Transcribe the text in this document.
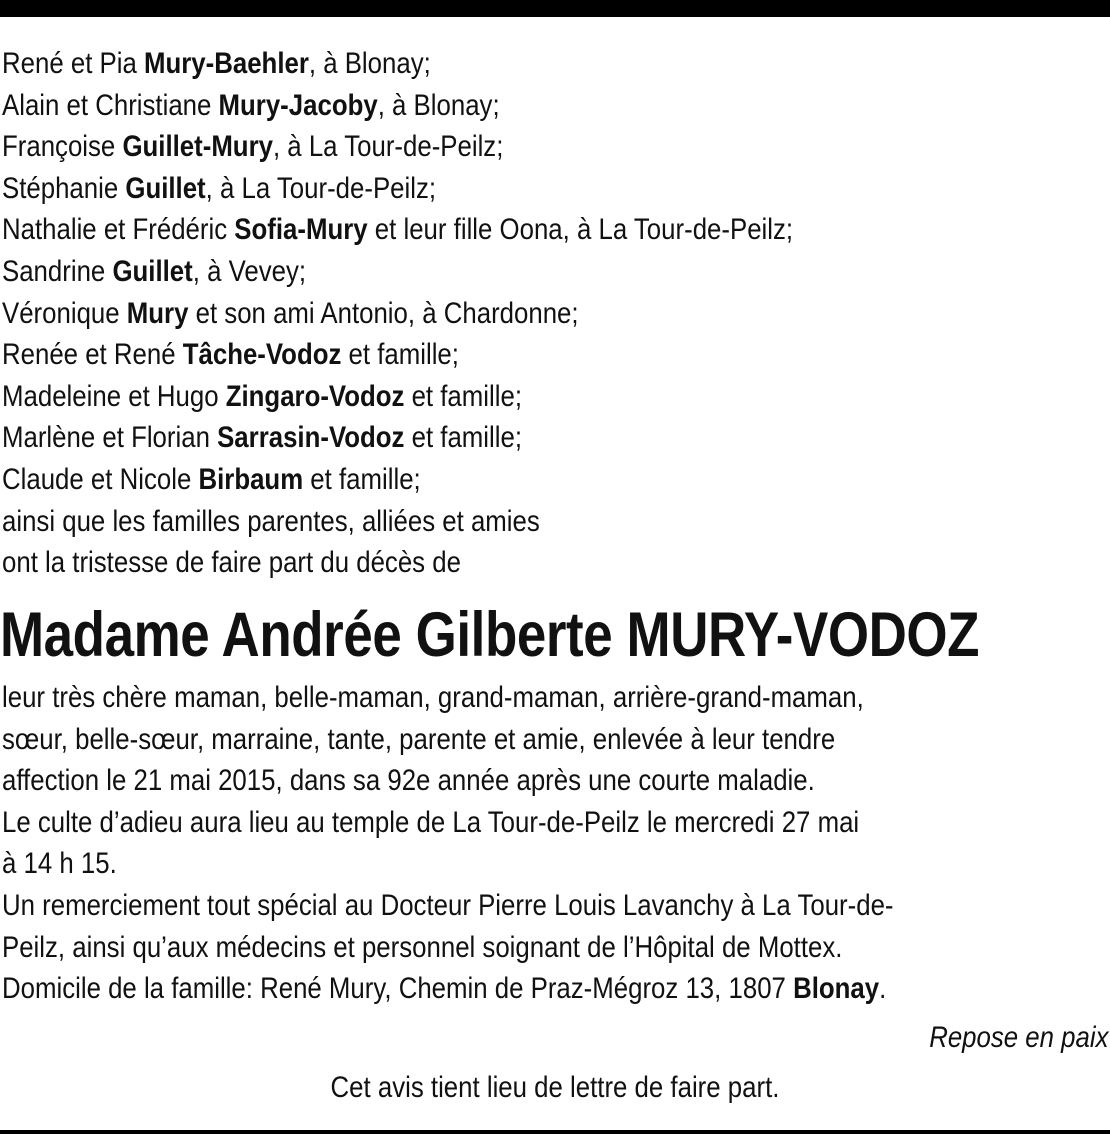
René et Pia Mury-Baehler, à Blonay;
Alain et Christiane Mury-Jacoby, à Blonay;
Françoise Guillet-Mury, à La Tour-de-Peilz;
Stéphanie Guillet, à La Tour-de-Peilz;
Nathalie et Frédéric Sofia-Mury et leur fille Oona, à La Tour-de-Peilz;
Sandrine Guillet, à Vevey;
Véronique Mury et son ami Antonio, à Chardonne;
Renée et René Tâche-Vodoz et famille;
Madeleine et Hugo Zingaro-Vodoz et famille;
Marlène et Florian Sarrasin-Vodoz et famille;
Claude et Nicole Birbaum et famille;
ainsi que les familles parentes, alliées et amies
ont la tristesse de faire part du décès de
Madame Andrée Gilberte MURY-VODOZ
leur très chère maman, belle-maman, grand-maman, arrière-grand-maman,
sœur, belle-sœur, marraine, tante, parente et amie, enlevée à leur tendre
affection le 21 mai 2015, dans sa 92e année après une courte maladie.
Le culte d’adieu aura lieu au temple de La Tour-de-Peilz le mercredi 27 mai
à 14 h 15.
Un remerciement tout spécial au Docteur Pierre Louis Lavanchy à La Tour-de-
Peilz, ainsi qu’aux médecins et personnel soignant de l’Hôpital de Mottex.
Domicile de la famille: René Mury, Chemin de Praz-Mégroz 13, 1807 Blonay.
Repose en paix
Cet avis tient lieu de lettre de faire part.
